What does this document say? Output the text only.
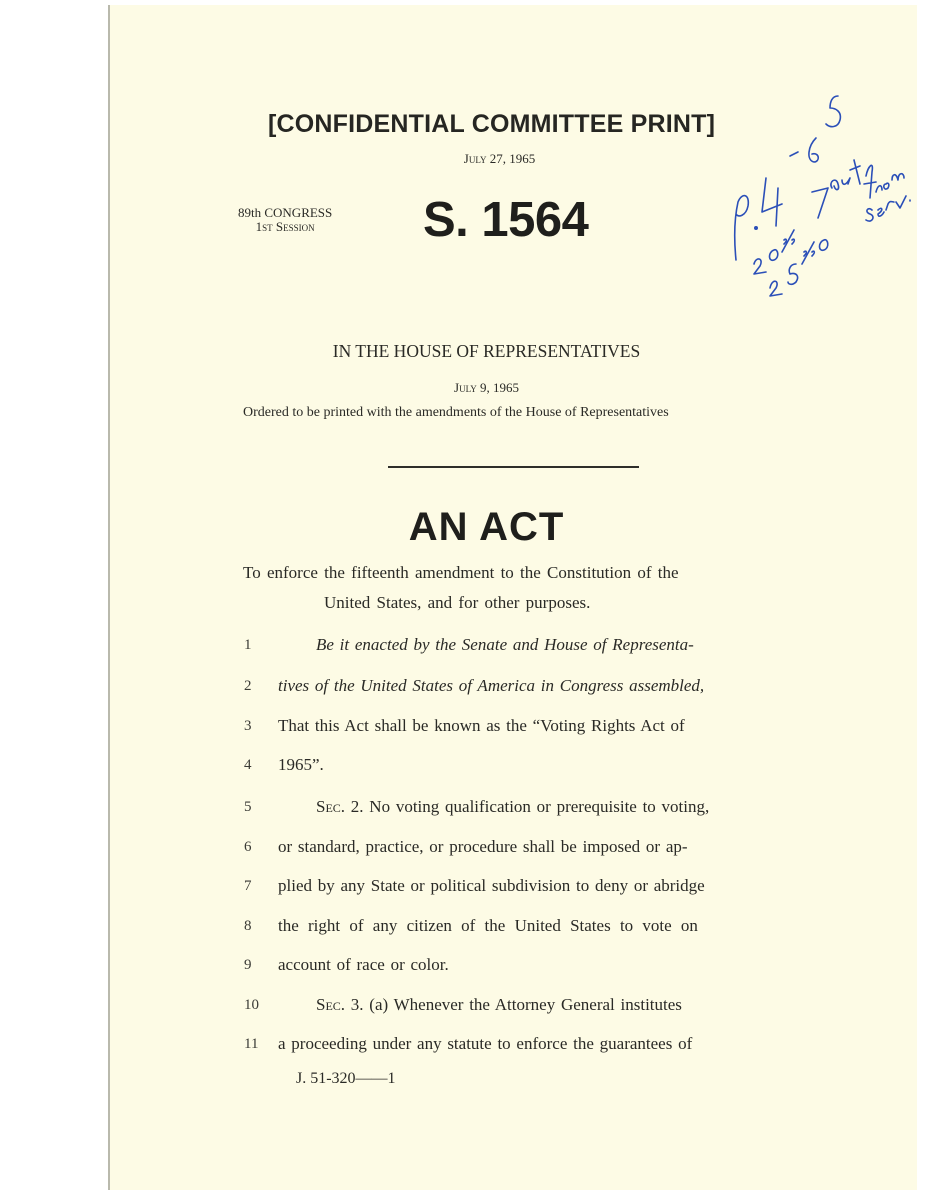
[CONFIDENTIAL COMMITTEE PRINT]
July 27, 1965
89th CONGRESS
1st Session	S. 1564
IN THE HOUSE OF REPRESENTATIVES
July 9, 1965
Ordered to be printed with the amendments of the House of Representatives
AN ACT
To enforce the fifteenth amendment to the Constitution of the
United States, and for other purposes.
1	Be it enacted by the Senate and House of Representa-
2 tives of the United States of America in Congress assembled,
3 That this Act shall be known as the “Voting Rights Act of
4 1965”.
5	Sec. 2. No voting qualification or prerequisite to voting,
6 or standard, practice, or procedure shall be imposed or ap-
7 plied by any State or political subdivision to deny or abridge
8 the right of any citizen of the United States to vote on
9 account of race or color.
10	Sec. 3. (a) Whenever the Attorney General institutes
11 a proceeding under any statute to enforce the guarantees of
J. 51-320——1
